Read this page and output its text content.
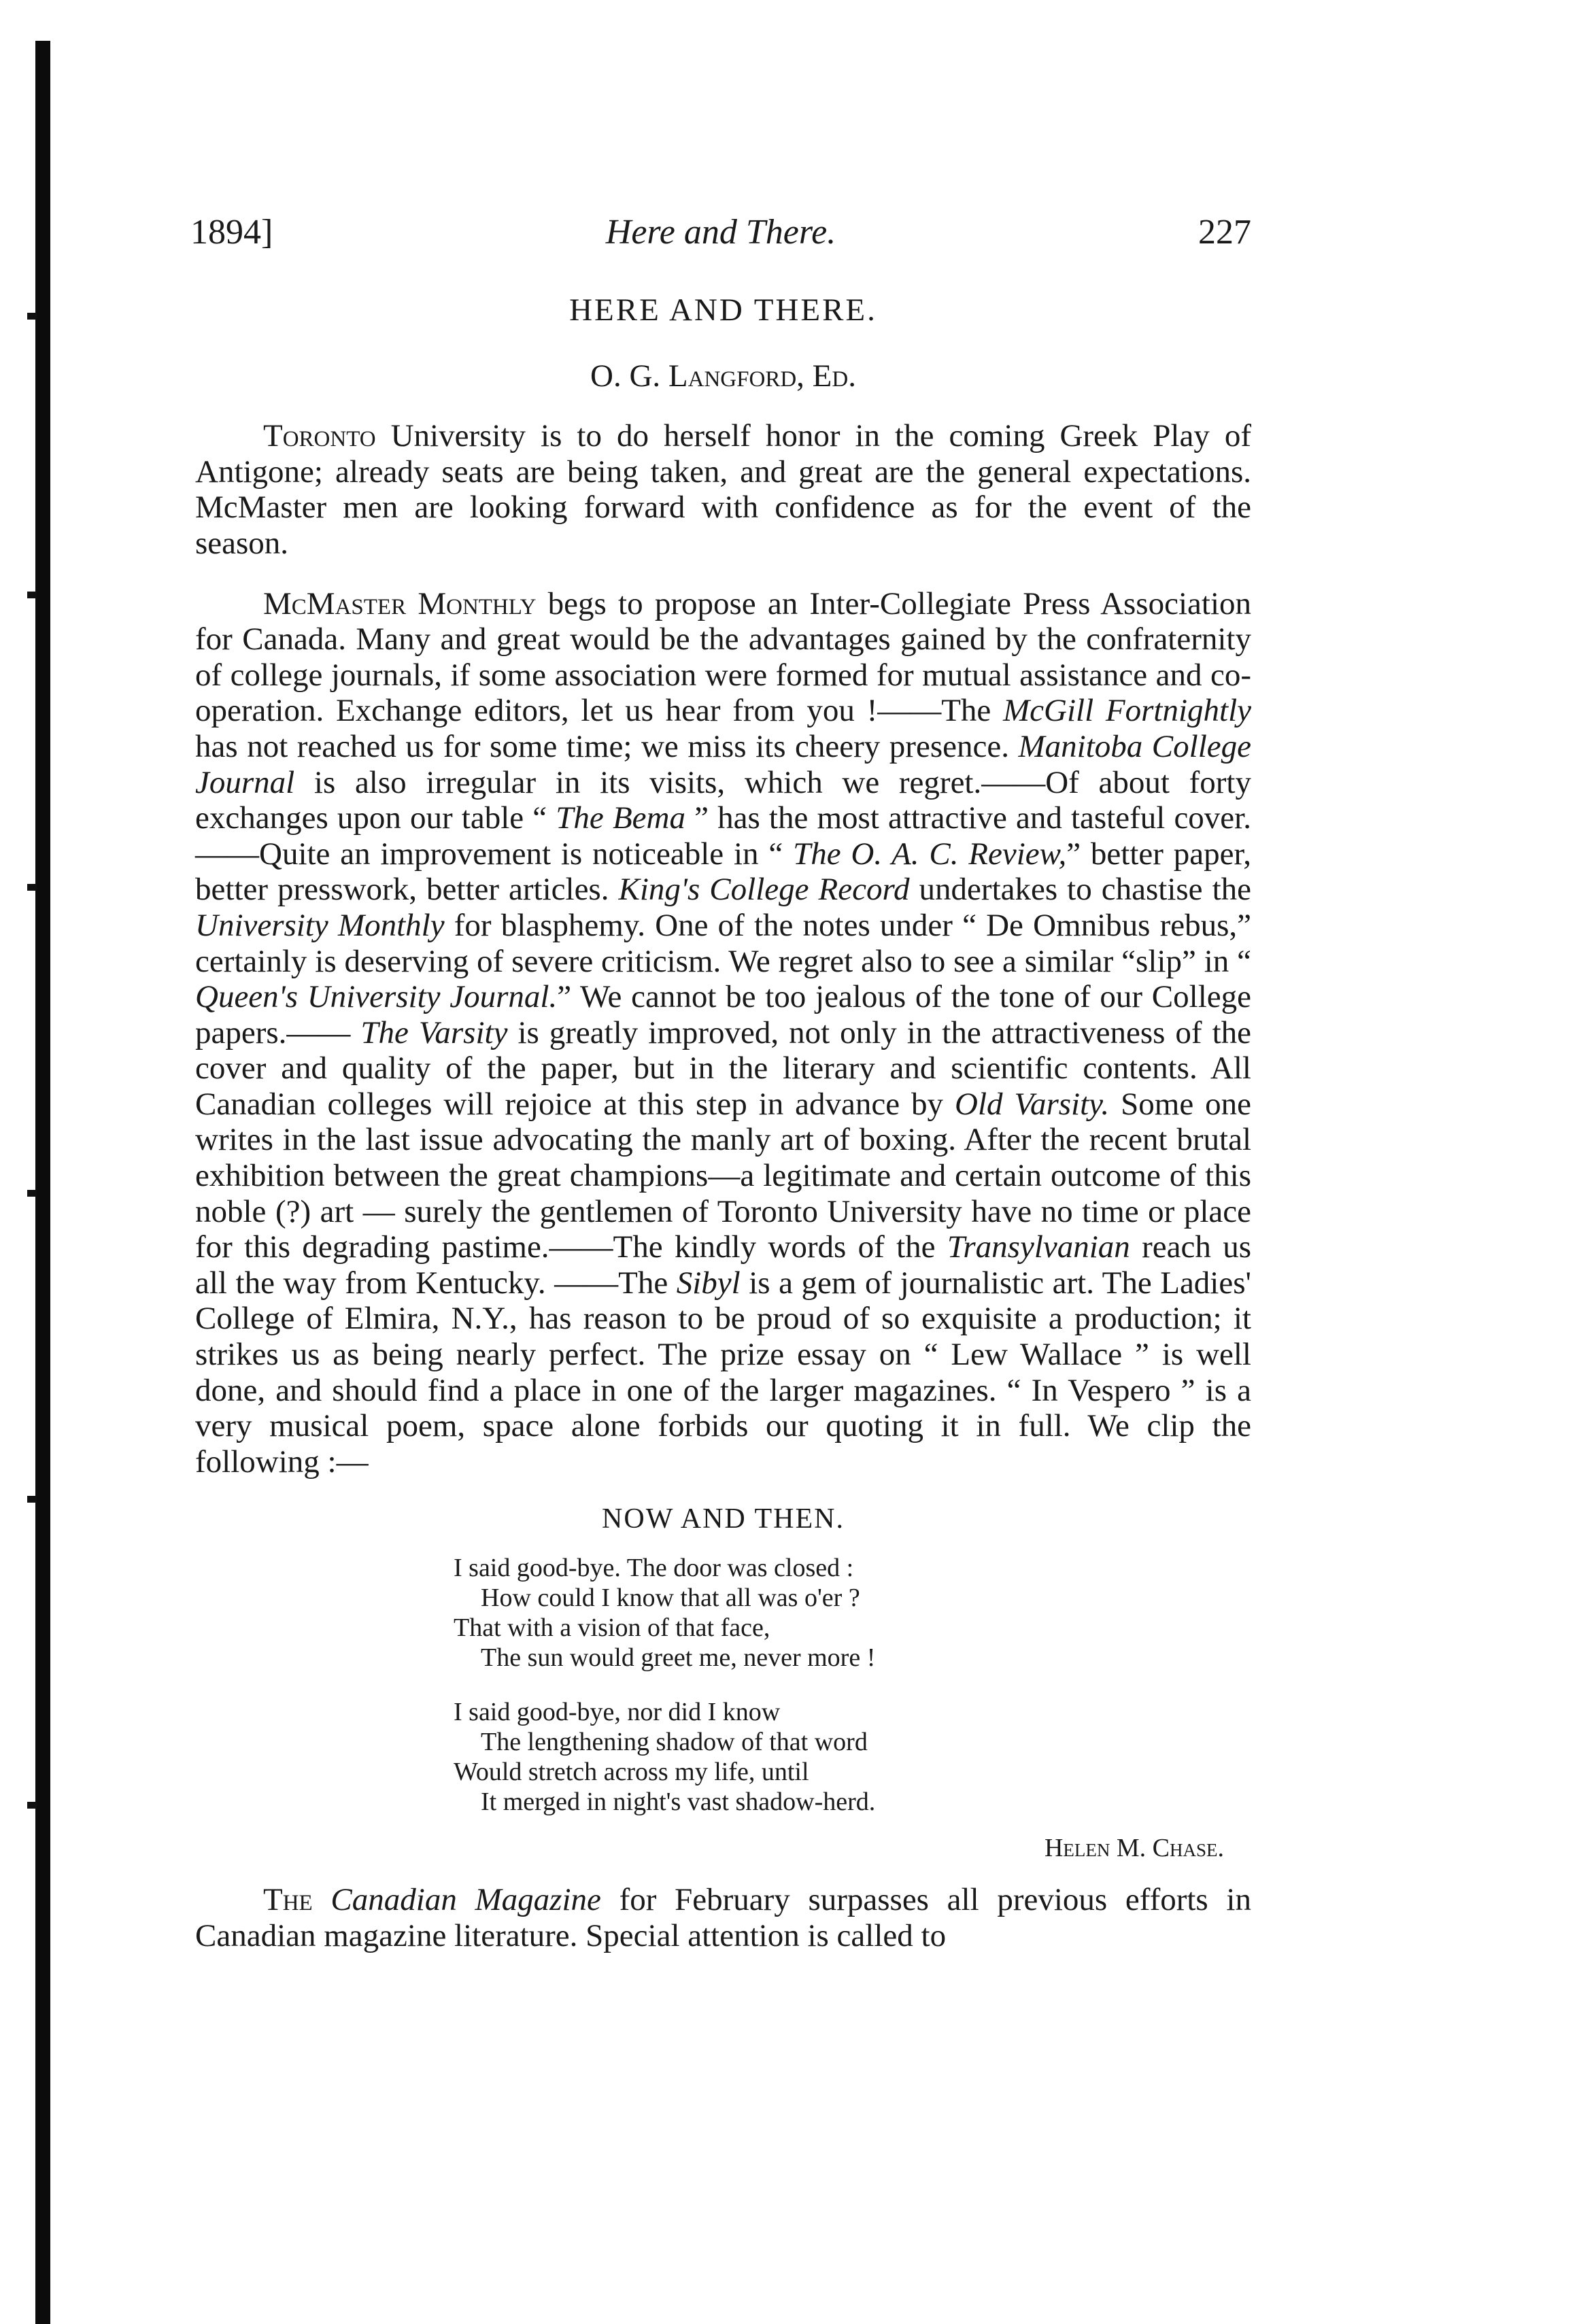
1894]	Here and There.	227
HERE AND THERE.
O. G. Langford, Ed.

Toronto University is to do herself honor in the coming Greek Play of Antigone; already seats are being taken, and great are the general expectations. McMaster men are looking forward with confidence as for the event of the season.

McMaster Monthly begs to propose an Inter-Collegiate Press Association for Canada. Many and great would be the advantages gained by the confraternity of college journals, if some association were formed for mutual assistance and co-operation. Exchange editors, let us hear from you !——The McGill Fortnightly has not reached us for some time; we miss its cheery presence. Manitoba College Journal is also irregular in its visits, which we regret.——Of about forty exchanges upon our table “ The Bema ” has the most attractive and tasteful cover.——Quite an improvement is noticeable in “ The O. A. C. Review,” better paper, better presswork, better articles. King's College Record undertakes to chastise the University Monthly for blasphemy. One of the notes under “ De Omnibus rebus,” certainly is deserving of severe criticism. We regret also to see a similar “slip” in “ Queen's University Journal.” We cannot be too jealous of the tone of our College papers.—— The Varsity is greatly improved, not only in the attractiveness of the cover and quality of the paper, but in the literary and scientific contents. All Canadian colleges will rejoice at this step in advance by Old Varsity. Some one writes in the last issue advocating the manly art of boxing. After the recent brutal exhibition between the great champions—a legitimate and certain outcome of this noble (?) art — surely the gentlemen of Toronto University have no time or place for this degrading pastime.——The kindly words of the Transylvanian reach us all the way from Kentucky. ——The Sibyl is a gem of journalistic art. The Ladies' College of Elmira, N.Y., has reason to be proud of so exquisite a production; it strikes us as being nearly perfect. The prize essay on “ Lew Wallace ” is well done, and should find a place in one of the larger magazines. “ In Vespero ” is a very musical poem, space alone forbids our quoting it in full. We clip the following :—

NOW AND THEN.
I said good-bye. The door was closed :
How could I know that all was o'er ?
That with a vision of that face,
The sun would greet me, never more !
I said good-bye, nor did I know
The lengthening shadow of that word
Would stretch across my life, until
It merged in night's vast shadow-herd.
Helen M. Chase.

The Canadian Magazine for February surpasses all previous efforts in Canadian magazine literature. Special attention is called to
